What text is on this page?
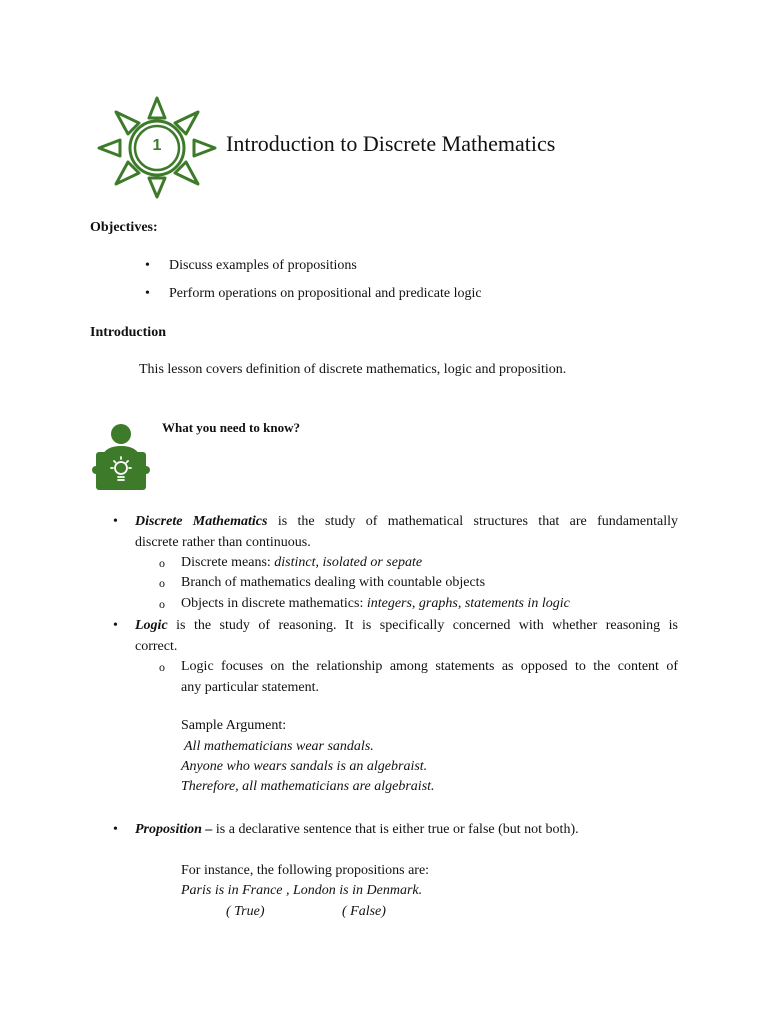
1	Introduction to Discrete Mathematics
Objectives:
• Discuss examples of propositions
• Perform operations on propositional and predicate logic
Introduction
This lesson covers definition of discrete mathematics, logic and proposition.
What you need to know?
• Discrete Mathematics is the study of mathematical structures that are fundamentally
discrete rather than continuous.
o Discrete means: distinct, isolated or sepate
o Branch of mathematics dealing with countable objects
o Objects in discrete mathematics: integers, graphs, statements in logic
• Logic is the study of reasoning. It is specifically concerned with whether reasoning is
correct.
o Logic focuses on the relationship among statements as opposed to the content of
any particular statement.
Sample Argument:
All mathematicians wear sandals.
Anyone who wears sandals is an algebraist.
Therefore, all mathematicians are algebraist.
• Proposition – is a declarative sentence that is either true or false (but not both).
For instance, the following propositions are:
Paris is in France , London is in Denmark.
( True)	( False)
